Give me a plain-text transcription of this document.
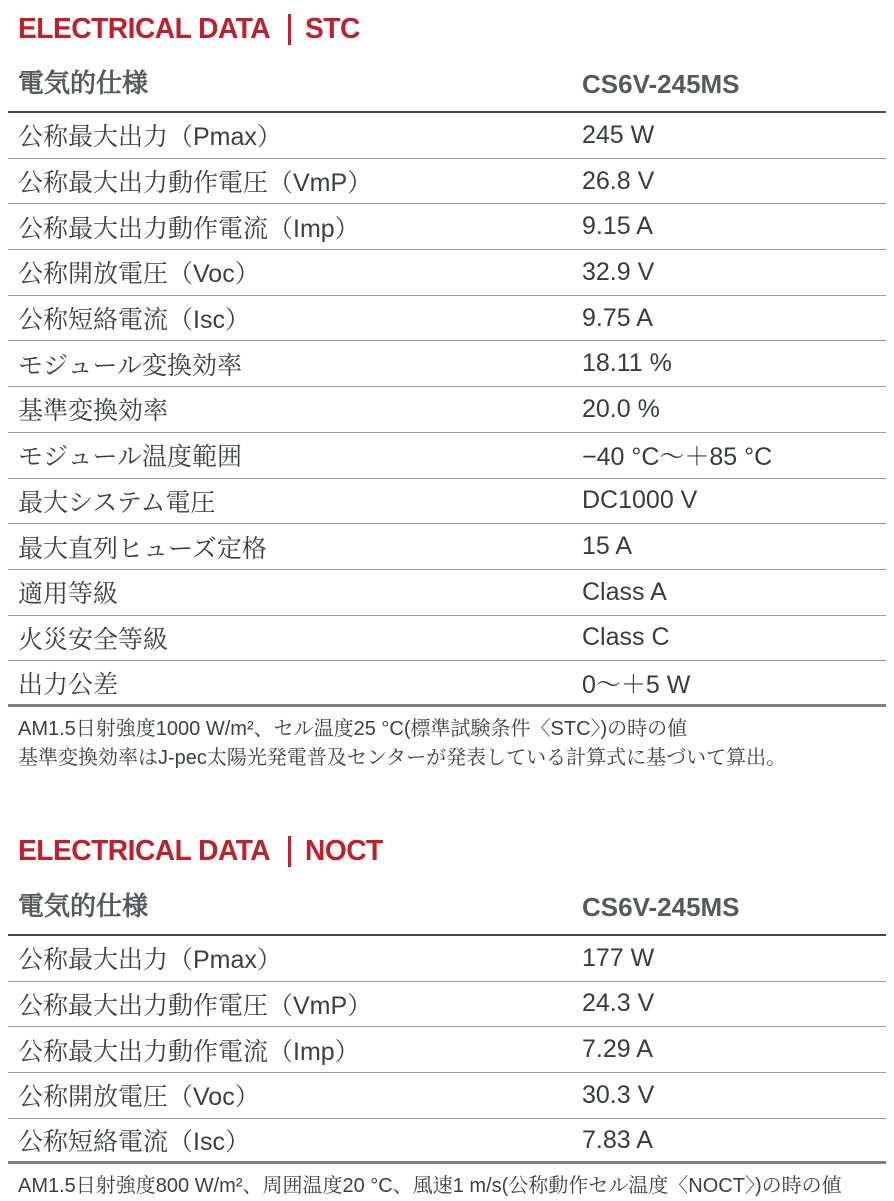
ELECTRICAL DATA STC
電気的仕様	CS6V-245MS
公称最大出力（Pmax）	245 W
公称最大出力動作電圧（VmP）	26.8 V
公称最大出力動作電流（Imp）	9.15 A
公称開放電圧（Voc）	32.9 V
公称短絡電流（Isc）	9.75 A
モジュール変換効率	18.11 %
基準変換効率	20.0 %
モジュール温度範囲	−40 °C〜＋85 °C
最大システム電圧	DC1000 V
最大直列ヒューズ定格	15 A
適用等級	Class A
火災安全等級	Class C
出力公差	0〜＋5 W
AM1.5日射強度1000 W/m²、セル温度25 °C(標準試験条件〈STC〉)の時の値
基準変換効率はJ-pec太陽光発電普及センターが発表している計算式に基づいて算出。
ELECTRICAL DATA NOCT
電気的仕様	CS6V-245MS
公称最大出力（Pmax）	177 W
公称最大出力動作電圧（VmP）	24.3 V
公称最大出力動作電流（Imp）	7.29 A
公称開放電圧（Voc）	30.3 V
公称短絡電流（Isc）	7.83 A
AM1.5日射強度800 W/m²、周囲温度20 °C、風速1 m/s(公称動作セル温度〈NOCT〉)の時の値
